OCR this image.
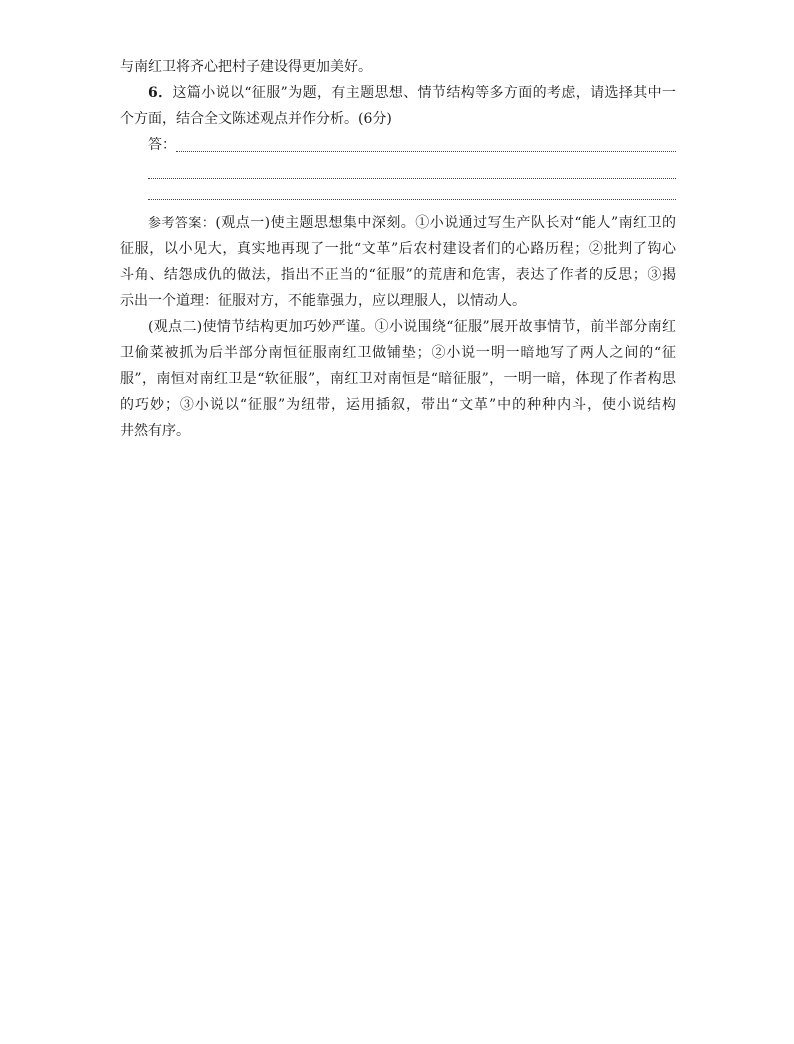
与南红卫将齐心把村子建设得更加美好。
6．这篇小说以“征服”为题，有主题思想、情节结构等多方面的考虑，请选择其中一
个方面，结合全文陈述观点并作分析。(6分)
答：
参考答案：(观点一)使主题思想集中深刻。①小说通过写生产队长对“能人”南红卫的
征服，以小见大，真实地再现了一批“文革”后农村建设者们的心路历程；②批判了钩心
斗角、结怨成仇的做法，指出不正当的“征服”的荒唐和危害，表达了作者的反思；③揭
示出一个道理：征服对方，不能靠强力，应以理服人，以情动人。
(观点二)使情节结构更加巧妙严谨。①小说围绕“征服”展开故事情节，前半部分南红
卫偷菜被抓为后半部分南恒征服南红卫做铺垫；②小说一明一暗地写了两人之间的“征
服”，南恒对南红卫是“软征服”，南红卫对南恒是“暗征服”，一明一暗，体现了作者构思
的巧妙；③小说以“征服”为纽带，运用插叙，带出“文革”中的种种内斗，使小说结构
井然有序。
